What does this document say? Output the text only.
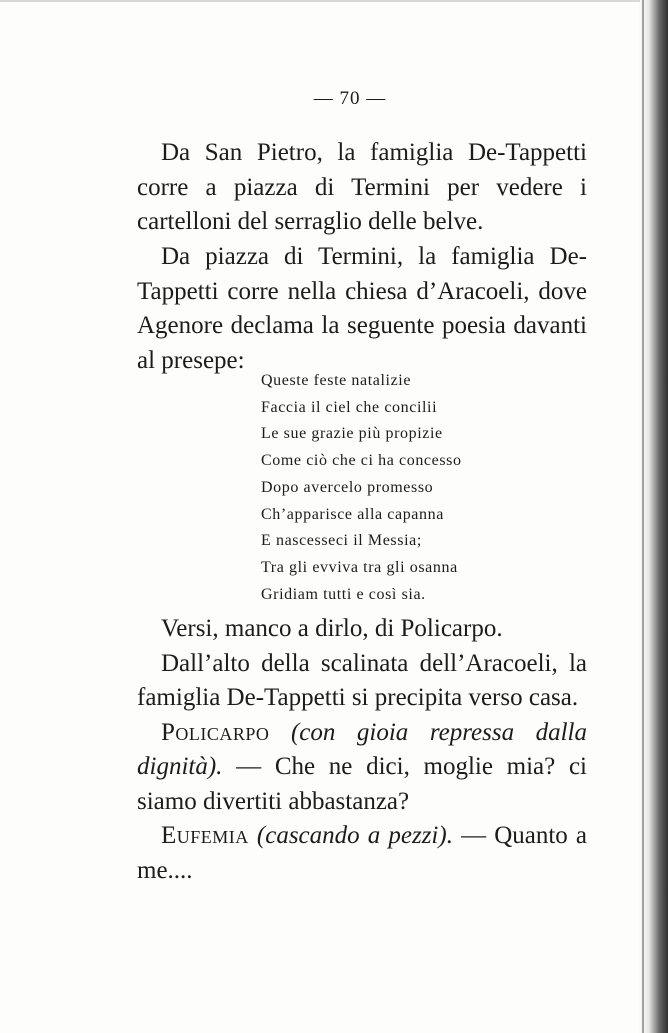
— 70 —

Da San Pietro, la famiglia De-Tappetti corre a piazza di Termini per vedere i cartelloni del serraglio delle belve.

Da piazza di Termini, la famiglia De-Tappetti corre nella chiesa d’Aracoeli, dove Agenore declama la seguente poesia davanti al presepe:

Queste feste natalizie
Faccia il ciel che concilii
Le sue grazie più propizie
Come ciò che ci ha concesso
Dopo avercelo promesso
Ch’apparisce alla capanna
E nascesseci il Messia;
Tra gli evviva tra gli osanna
Gridiam tutti e così sia.

Versi, manco a dirlo, di Policarpo.

Dall’alto della scalinata dell’Aracoeli, la famiglia De-Tappetti si precipita verso casa.

Policarpo (con gioia repressa dalla dignità). — Che ne dici, moglie mia? ci siamo divertiti abbastanza?

Eufemia (cascando a pezzi). — Quanto a me....
